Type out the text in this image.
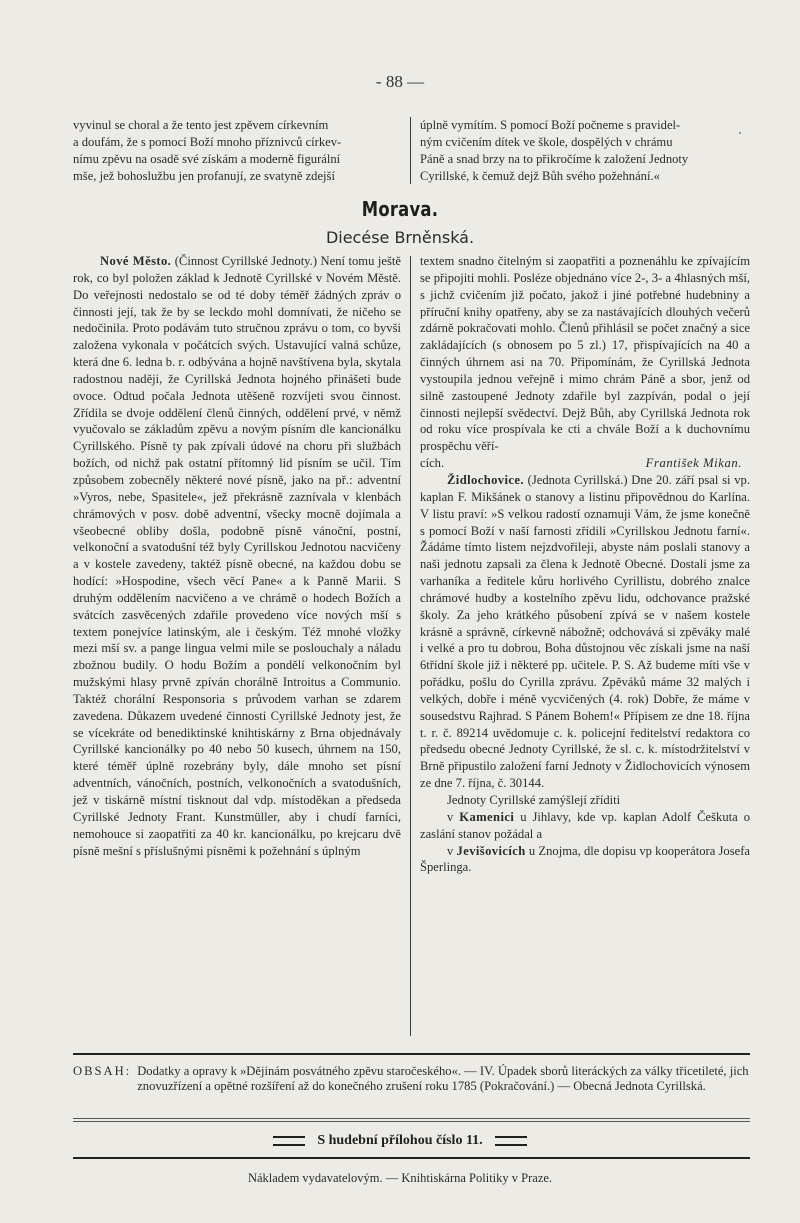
- 88 —

vyvinul se choral a že tento jest zpěvem církevním

a doufám, že s pomocí Boží mnoho příznivců církev-

nímu zpěvu na osadě své získám a moderně figurální

mše, jež bohoslužbu jen profanují, ze svatyně zdejší

úplně vymítím. S pomocí Boží počneme s pravidel-

ným cvičením dítek ve škole, dospělých v chrámu

Páně a snad brzy na to přikročíme k založení Jednoty

Cyrillské, k čemuž dejž Bůh svého požehnání.«

Morava.
Diecése Brněnská.

Nové Město. (Činnost Cyrillské Jednoty.) Není tomu ještě rok, co byl položen základ k Jednotě Cyrillské v Novém Městě. Do veřejnosti nedostalo se od té doby téměř žádných zpráv o činnosti její, tak že by se leckdo mohl domnívati, že ničeho se nedočinila. Proto podávám tuto stručnou zprávu o tom, co byvši založena vykonala v počátcích svých. Ustavující valná schůze, která dne 6. ledna b. r. odbývána a hojně navštívena byla, skytala radostnou naději, že Cyrillská Jednota hojného přinášeti bude ovoce. Odtud počala Jednota utěšeně rozvíjeti svou činnost. Zřídila se dvoje oddělení členů činných, oddělení prvé, v němž vyučovalo se základům zpěvu a novým písním dle kancionálku Cyrillského. Písně ty pak zpívali údové na choru při službách božích, od nichž pak ostatní přítomný lid písním se učil. Tím způsobem zobecněly některé nové písně, jako na př.: adventní »Vyros, nebe, Spasitele«, jež překrásně zaznívala v klenbách chrámových v posv. době adventní, všecky mocně dojímala a všeobecné obliby došla, podobně písně vánoční, postní, velkonoční a svatodušní též byly Cyrillskou Jednotou nacvičeny a v kostele zavedeny, taktéž písně obecné, na každou dobu se hodící: »Hospodine, všech věcí Pane« a k Panně Marii. S druhým oddělením nacvičeno a ve chrámě o hodech Božích a svátcích zasvěcených zdařile provedeno více nových mší s textem ponejvíce latinským, ale i českým. Též mnohé vložky mezi mší sv. a pange lingua velmi mile se poslouchaly a náladu zbožnou budily. O hodu Božím a pondělí velkonočním byl mužskými hlasy prvně zpíván chorálně Introitus a Communio. Taktéž chorální Responsoria s průvodem varhan se zdarem zavedena. Důkazem uvedené činnosti Cyrillské Jednoty jest, že se vícekráte od benediktinské knihtiskárny z Brna objednávaly Cyrillské kancionálky po 40 nebo 50 kusech, úhrnem na 150, které téměř úplně rozebrány byly, dále mnoho set písní adventních, vánočních, postních, velkonočních a svatodušních, jež v tiskárně místní tisknout dal vdp. místoděkan a předseda Cyrillské Jednoty Frant. Kunstmüller, aby i chudí farníci, nemohouce si zaopatřiti za 40 kr. kancionálku, po krejcaru dvě písně mešní s příslušnými písněmi k požehnání s úplným

textem snadno čitelným si zaopatřiti a poznenáhlu ke zpívajícím se připojiti mohli. Posléze objednáno více 2-, 3- a 4hlasných mší, s jichž cvičením již počato, jakož i jiné potřebné hudebniny a příruční knihy opatřeny, aby se za nastávajících dlouhých večerů zdárně pokračovati mohlo. Členů přihlásil se počet značný a sice zakládajících (s obnosem po 5 zl.) 17, přispívajících na 40 a činných úhrnem asi na 70. Připomínám, že Cyrillská Jednota vystoupila jednou veřejně i mimo chrám Páně a sbor, jenž od silně zastoupené Jednoty zdařile byl zazpíván, podal o její činnosti nejlepší svědectví. Dejž Bůh, aby Cyrillská Jednota rok od roku více prospívala ke cti a chvále Boží a k duchovnímu prospěchu věří-

cích.	František Mikan.

Židlochovice. (Jednota Cyrillská.) Dne 20. září psal si vp. kaplan F. Mikšánek o stanovy a listinu připovědnou do Karlína. V listu praví: »S velkou radostí oznamuji Vám, že jsme konečně s pomocí Boží v naší farnosti zřídili »Cyrillskou Jednotu farní«. Žádáme tímto listem nejzdvořileji, abyste nám poslali stanovy a naši jednotu zapsali za člena k Jednotě Obecné. Dostali jsme za varhaníka a ředitele kůru horlivého Cyrillistu, dobrého znalce chrámové hudby a kostelního zpěvu lidu, odchovance pražské školy. Za jeho krátkého působení zpívá se v našem kostele krásně a správně, církevně nábožně; odchovává si zpěváky malé i velké a pro tu dobrou, Boha důstojnou věc získali jsme na naší 6třídní škole již i některé pp. učitele. P. S. Až budeme míti vše v pořádku, pošlu do Cyrilla zprávu. Zpěváků máme 32 malých i velkých, dobře i méně vycvičených (4. rok) Dobře, že máme v sousedstvu Rajhrad. S Pánem Bohem!« Přípisem ze dne 18. října t. r. č. 89214 uvědomuje c. k. policejní ředitelství redaktora co předsedu obecné Jednoty Cyrillské, že sl. c. k. místodržitelství v Brně připustilo založení farní Jednoty v Židlochovicích výnosem ze dne 7. října, č. 30144.

Jednoty Cyrillské zamýšlejí zříditi

v Kamenici u Jihlavy, kde vp. kaplan Adolf Češkuta o zaslání stanov požádal a

v Jevišovicích u Znojma, dle dopisu vp kooperátora Josefa Šperlinga.

OBSAH: Dodatky a opravy k »Dějinám posvátného zpěvu staročeského«. — IV. Úpadek sborů literáckých za války třicetileté, jich znovuzřízení a opětné rozšíření až do konečného zrušení roku 1785 (Pokračování.) — Obecná Jednota Cyrillská.
S hudební přílohou číslo 11.
Nákladem vydavatelovým. — Knihtiskárna Politiky v Praze.
